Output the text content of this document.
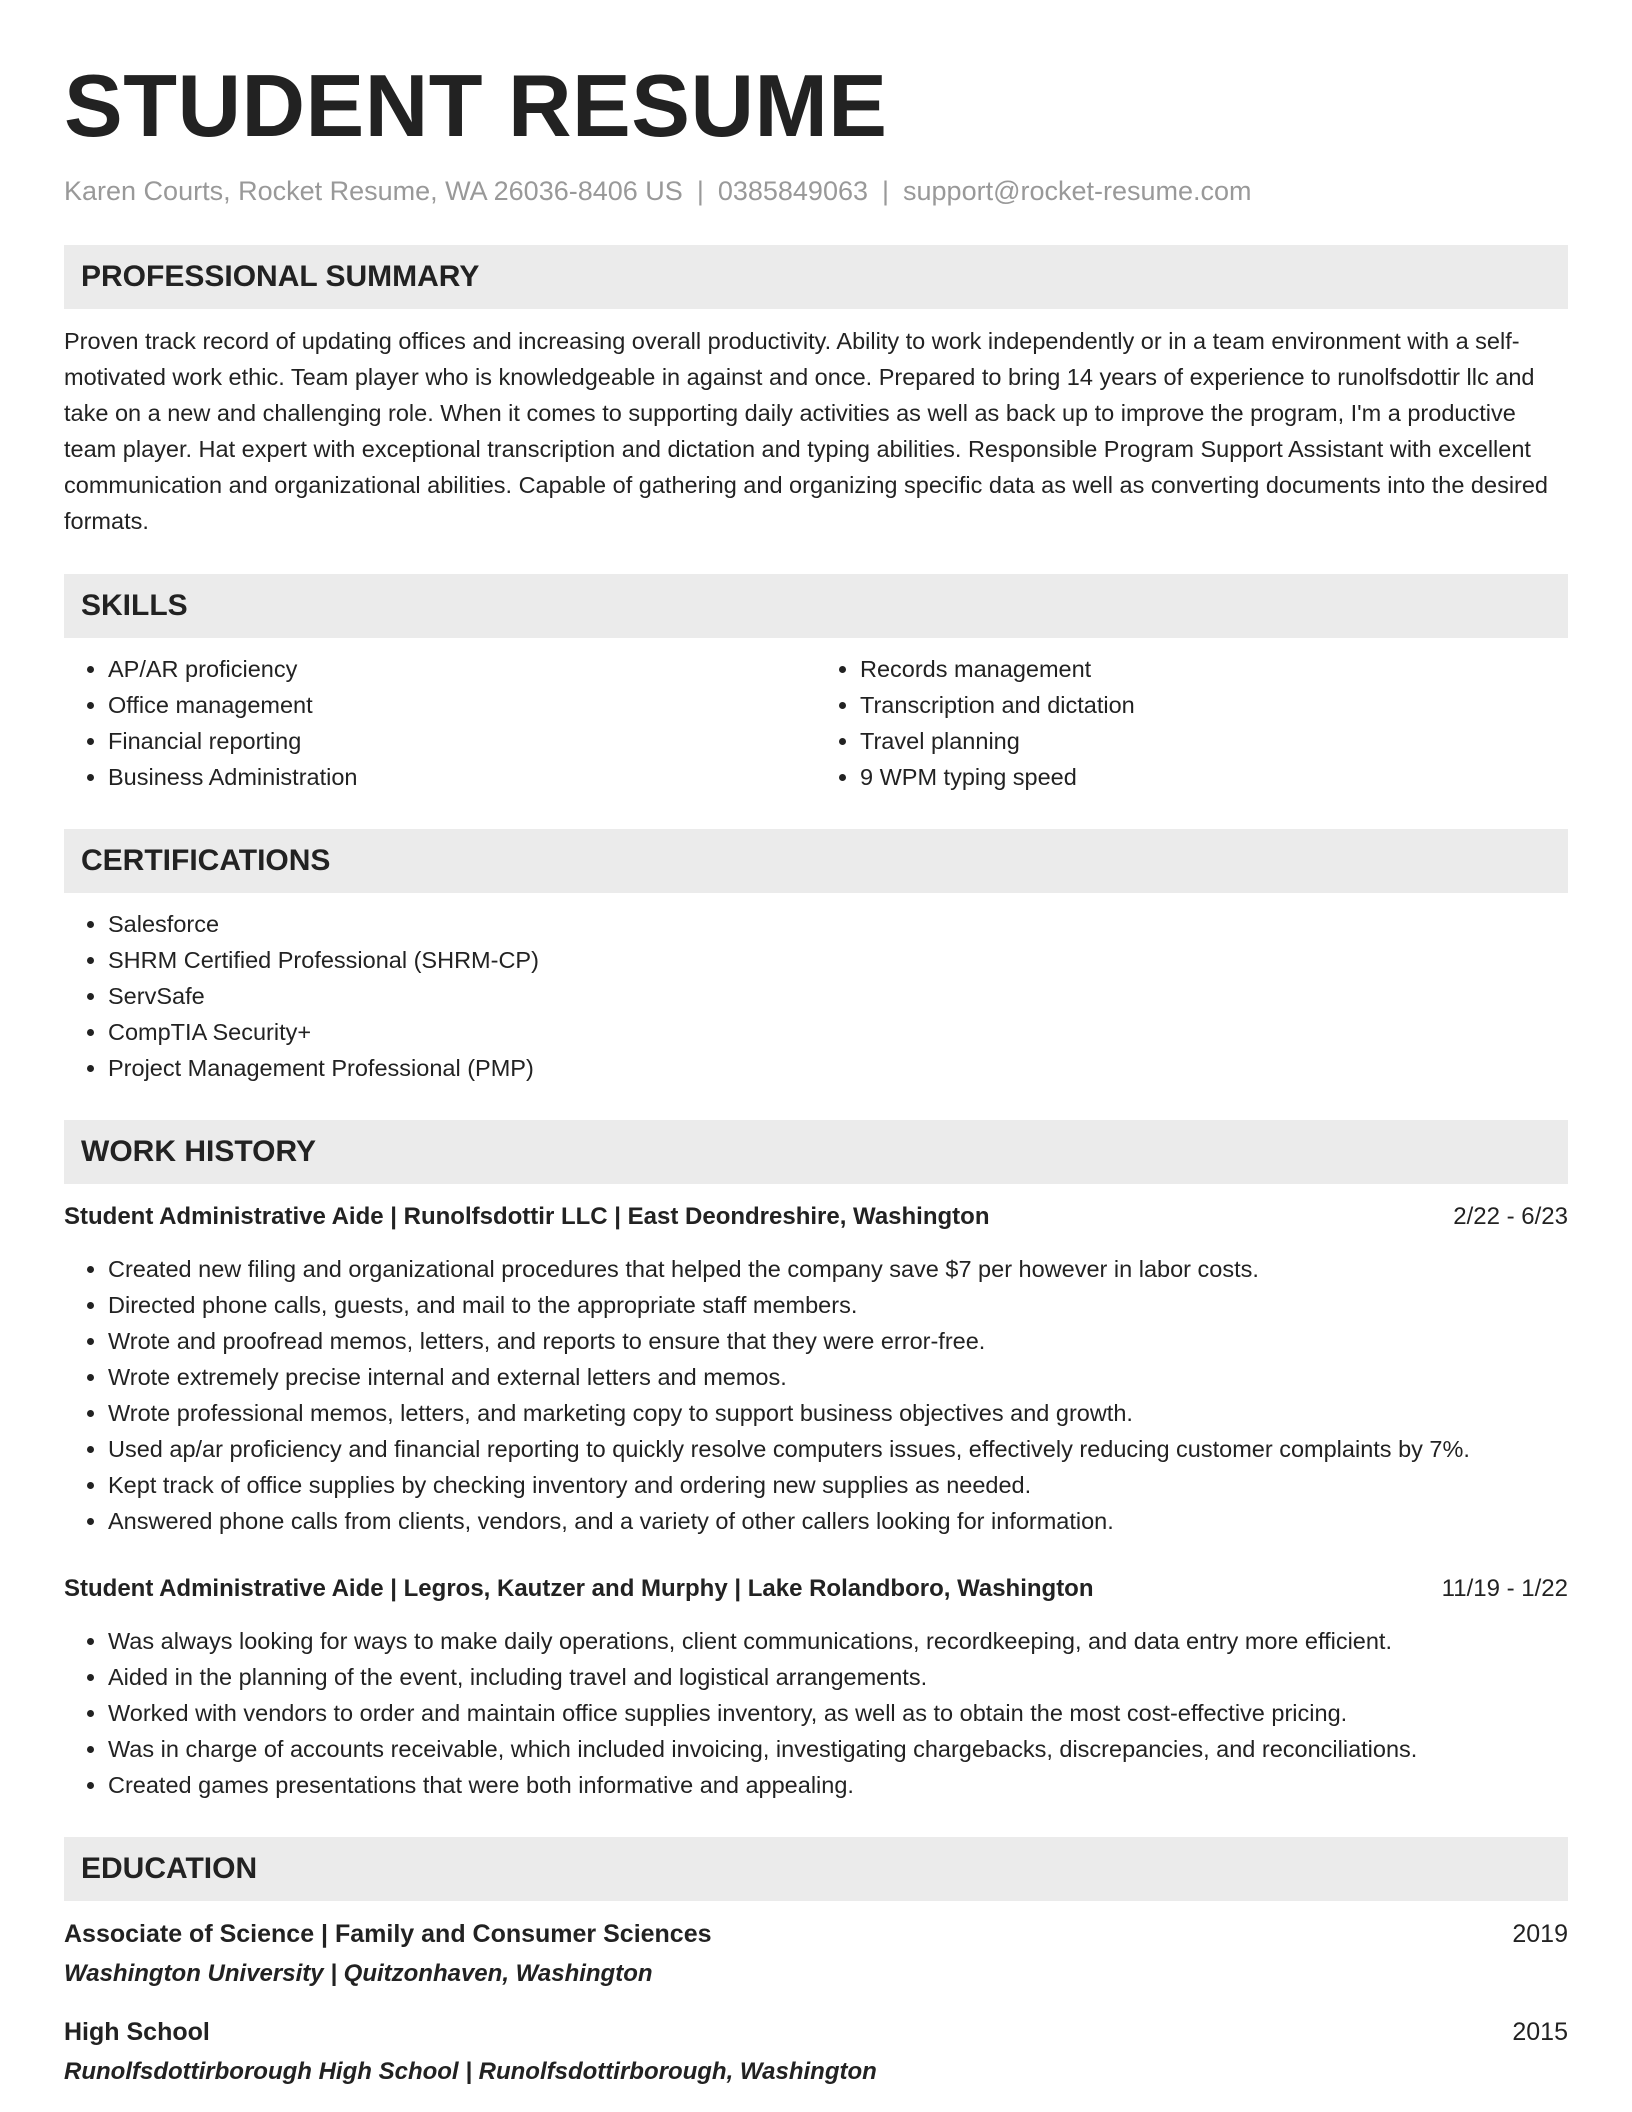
STUDENT RESUME
Karen Courts, Rocket Resume, WA 26036-8406 US | 0385849063 | support@rocket-resume.com
PROFESSIONAL SUMMARY

Proven track record of updating offices and increasing overall productivity. Ability to work independently or in a team environment with a self-motivated work ethic. Team player who is knowledgeable in against and once. Prepared to bring 14 years of experience to runolfsdottir llc and take on a new and challenging role. When it comes to supporting daily activities as well as back up to improve the program, I'm a productive team player. Hat expert with exceptional transcription and dictation and typing abilities. Responsible Program Support Assistant with excellent communication and organizational abilities. Capable of gathering and organizing specific data as well as converting documents into the desired formats.

SKILLS
• AP/AR proficiency
• Office management
• Financial reporting
• Business Administration
• Records management
• Transcription and dictation
• Travel planning
• 9 WPM typing speed
CERTIFICATIONS
• Salesforce
• SHRM Certified Professional (SHRM-CP)
• ServSafe
• CompTIA Security+
• Project Management Professional (PMP)
WORK HISTORY
Student Administrative Aide | Runolfsdottir LLC | East Deondreshire, Washington	2/22 - 6/23
• Created new filing and organizational procedures that helped the company save $7 per however in labor costs.
• Directed phone calls, guests, and mail to the appropriate staff members.
• Wrote and proofread memos, letters, and reports to ensure that they were error-free.
• Wrote extremely precise internal and external letters and memos.
• Wrote professional memos, letters, and marketing copy to support business objectives and growth.
• Used ap/ar proficiency and financial reporting to quickly resolve computers issues, effectively reducing customer complaints by 7%.
• Kept track of office supplies by checking inventory and ordering new supplies as needed.
• Answered phone calls from clients, vendors, and a variety of other callers looking for information.
Student Administrative Aide | Legros, Kautzer and Murphy | Lake Rolandboro, Washington	11/19 - 1/22
• Was always looking for ways to make daily operations, client communications, recordkeeping, and data entry more efficient.
• Aided in the planning of the event, including travel and logistical arrangements.
• Worked with vendors to order and maintain office supplies inventory, as well as to obtain the most cost-effective pricing.
• Was in charge of accounts receivable, which included invoicing, investigating chargebacks, discrepancies, and reconciliations.
• Created games presentations that were both informative and appealing.
EDUCATION
Associate of Science | Family and Consumer Sciences	2019
Washington University | Quitzonhaven, Washington
High School	2015
Runolfsdottirborough High School | Runolfsdottirborough, Washington
